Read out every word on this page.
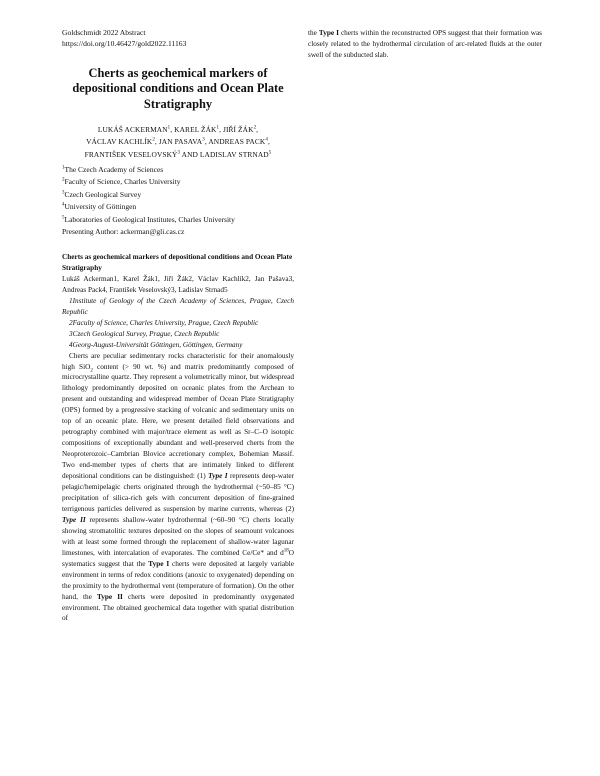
Goldschmidt 2022 Abstract
https://doi.org/10.46427/gold2022.11163
Cherts as geochemical markers of depositional conditions and Ocean Plate Stratigraphy
LUKÁŠ ACKERMAN$^1$, KAREL ŽÁK$^1$, JIŘÍ ŽÁK$^2$,
VÁCLAV KACHLÍK$^2$, JAN PASAVA$^3$, ANDREAS PACK$^4$,
FRANTIŠEK VESELOVSKÝ$^3$ AND LADISLAV STRNAD$^5$
$^1$The Czech Academy of Sciences
$^2$Faculty of Science, Charles University
$^3$Czech Geological Survey
$^4$University of Göttingen
$^5$Laboratories of Geological Institutes, Charles University
Presenting Author: ackerman@gli.cas.cz
Cherts as geochemical markers of depositional conditions and Ocean Plate Stratigraphy
Lukáš Ackerman1, Karel Žák1, Jiří Žák2, Václav Kachlík2, Jan Pašava3, Andreas Pack4, František Veselovský3, Ladislav Strnad5
1Institute of Geology of the Czech Academy of Sciences, Prague, Czech Republic
2Faculty of Science, Charles University, Prague, Czech Republic
3Czech Geological Survey, Prague, Czech Republic
4Georg-August-Universität Göttingen, Göttingen, Germany
Cherts are peculiar sedimentary rocks characteristic for their anomalously high SiO$_2$ content (> 90 wt. %) and matrix predominantly composed of microcrystalline quartz. They represent a volumetrically minor, but widespread lithology predominantly deposited on oceanic plates from the Archean to present and outstanding and widespread member of Ocean Plate Stratigraphy (OPS) formed by a progressive stacking of volcanic and sedimentary units on top of an oceanic plate. Here, we present detailed field observations and petrography combined with major/trace element as well as Sr–C–O isotopic compositions of exceptionally abundant and well-preserved cherts from the Neoproterozoic–Cambrian Blovice accretionary complex, Bohemian Massif. Two end-member types of cherts that are intimately linked to different depositional conditions can be distinguished: (1) Type I represents deep-water pelagic/hemipelagic cherts originated through the hydrothermal (~50–85 °C) precipitation of silica-rich gels with concurrent deposition of fine-grained terrigenous particles delivered as suspension by marine currents, whereas (2) Type II represents shallow-water hydrothermal (~60–90 °C) cherts locally showing stromatolitic textures deposited on the slopes of seamount volcanoes with at least some formed through the replacement of shallow-water lagunar limestones, with intercalation of evaporates. The combined Ce/Ce* and $d^{18}O$ systematics suggest that the Type I cherts were deposited at largely variable environment in terms of redox conditions (anoxic to oxygenated) depending on the proximity to the hydrothermal vent (temperature of formation). On the other hand, the Type II cherts were deposited in predominantly oxygenated environment. The obtained geochemical data together with spatial distribution of
the Type I cherts within the reconstructed OPS suggest that their formation was closely related to the hydrothermal circulation of arc-related fluids at the outer swell of the subducted slab.
